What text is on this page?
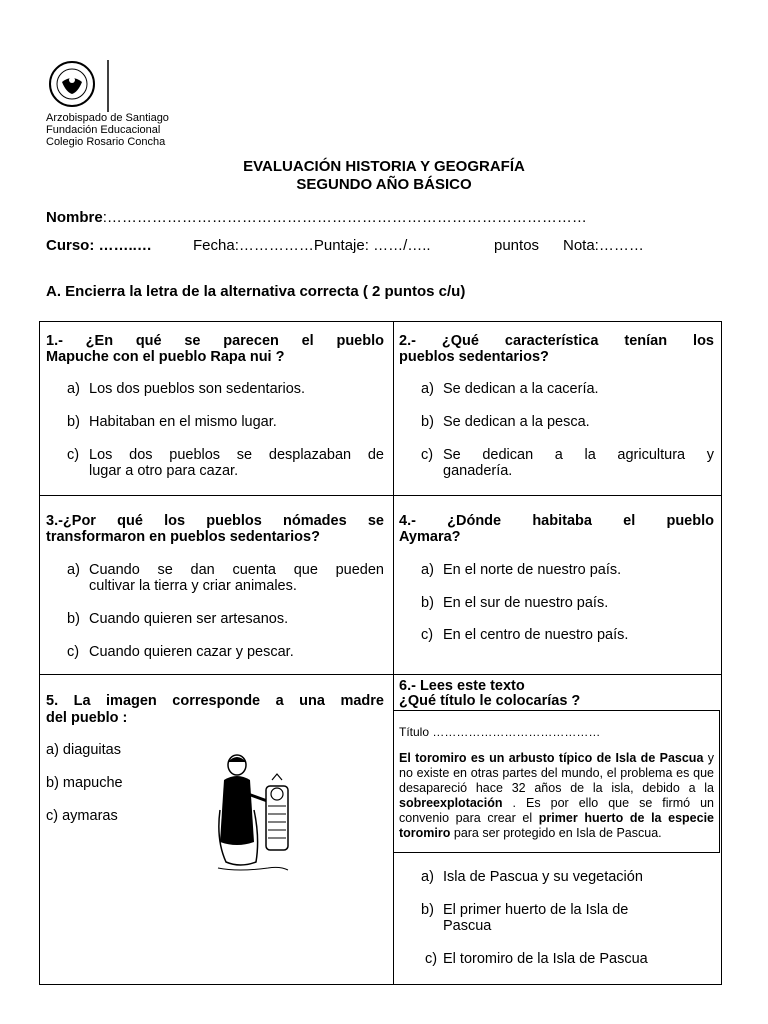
Arzobispado de Santiago
Fundación Educacional
Colegio Rosario Concha
EVALUACIÓN HISTORIA Y GEOGRAFÍA
SEGUNDO AÑO BÁSICO
Nombre:……………………………………………………………………………………
Curso: ……..…	Fecha:……………Puntaje: ……/…..	puntos Nota:………
A. Encierra la letra de la alternativa correcta ( 2 puntos c/u)
1.- ¿En qué se parecen el pueblo
Mapuche con el pueblo Rapa nui ?
a) Los dos pueblos son sedentarios.
b) Habitaban en el mismo lugar.
c) Los dos pueblos se desplazaban de
lugar a otro para cazar.
2.- ¿Qué característica tenían los
pueblos sedentarios?
a) Se dedican a la cacería.
b) Se dedican a la pesca.
c) Se dedican a la agricultura y
ganadería.
3.-¿Por qué los pueblos nómades se
transformaron en pueblos sedentarios?
a) Cuando se dan cuenta que pueden
cultivar la tierra y criar animales.
b) Cuando quieren ser artesanos.
c) Cuando quieren cazar y pescar.
4.- ¿Dónde habitaba el pueblo
Aymara?
a) En el norte de nuestro país.
b) En el sur de nuestro país.
c) En el centro de nuestro país.
5. La imagen corresponde a una madre
del pueblo :
a) diaguitas
b) mapuche
c) aymaras
6.- Lees este texto
¿Qué título le colocarías ?
Título ……………………………………
El toromiro es un arbusto típico de Isla de Pascua y no existe en otras partes del mundo, el problema es que desapareció hace 32 años de la isla, debido a la sobreexplotación . Es por ello que se firmó un convenio para crear el primer huerto de la especie toromiro para ser protegido en Isla de Pascua.
a) Isla de Pascua y su vegetación
b) El primer huerto de la Isla de
Pascua
c) El toromiro de la Isla de Pascua
